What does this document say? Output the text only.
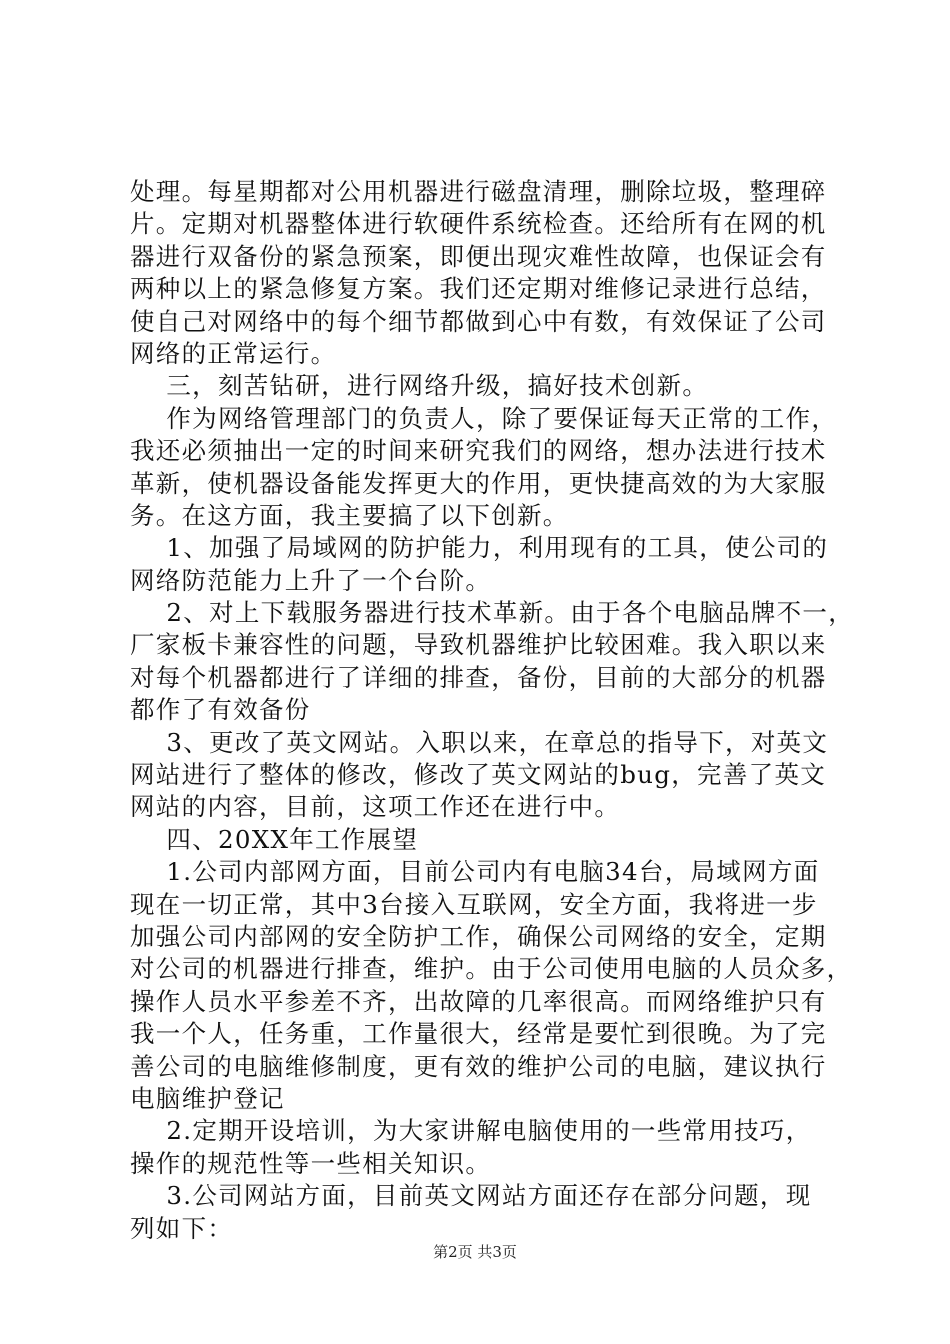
处理。每星期都对公用机器进行磁盘清理，删除垃圾，整理碎
片。定期对机器整体进行软硬件系统检查。还给所有在网的机
器进行双备份的紧急预案，即便出现灾难性故障，也保证会有
两种以上的紧急修复方案。我们还定期对维修记录进行总结，
使自己对网络中的每个细节都做到心中有数，有效保证了公司
网络的正常运行。
三，刻苦钻研，进行网络升级，搞好技术创新。
作为网络管理部门的负责人，除了要保证每天正常的工作，
我还必须抽出一定的时间来研究我们的网络，想办法进行技术
革新，使机器设备能发挥更大的作用，更快捷高效的为大家服
务。在这方面，我主要搞了以下创新。
1、加强了局域网的防护能力，利用现有的工具，使公司的
网络防范能力上升了一个台阶。
2、对上下载服务器进行技术革新。由于各个电脑品牌不一，
厂家板卡兼容性的问题，导致机器维护比较困难。我入职以来
对每个机器都进行了详细的排查，备份，目前的大部分的机器
都作了有效备份
3、更改了英文网站。入职以来，在章总的指导下，对英文
网站进行了整体的修改，修改了英文网站的bug，完善了英文
网站的内容，目前，这项工作还在进行中。
四、20XX年工作展望
1.公司内部网方面，目前公司内有电脑34台，局域网方面
现在一切正常，其中3台接入互联网，安全方面，我将进一步
加强公司内部网的安全防护工作，确保公司网络的安全，定期
对公司的机器进行排查，维护。由于公司使用电脑的人员众多，
操作人员水平参差不齐，出故障的几率很高。而网络维护只有
我一个人，任务重，工作量很大，经常是要忙到很晚。为了完
善公司的电脑维修制度，更有效的维护公司的电脑，建议执行
电脑维护登记
2.定期开设培训，为大家讲解电脑使用的一些常用技巧，
操作的规范性等一些相关知识。
3.公司网站方面，目前英文网站方面还存在部分问题，现
列如下：
第2页 共3页
